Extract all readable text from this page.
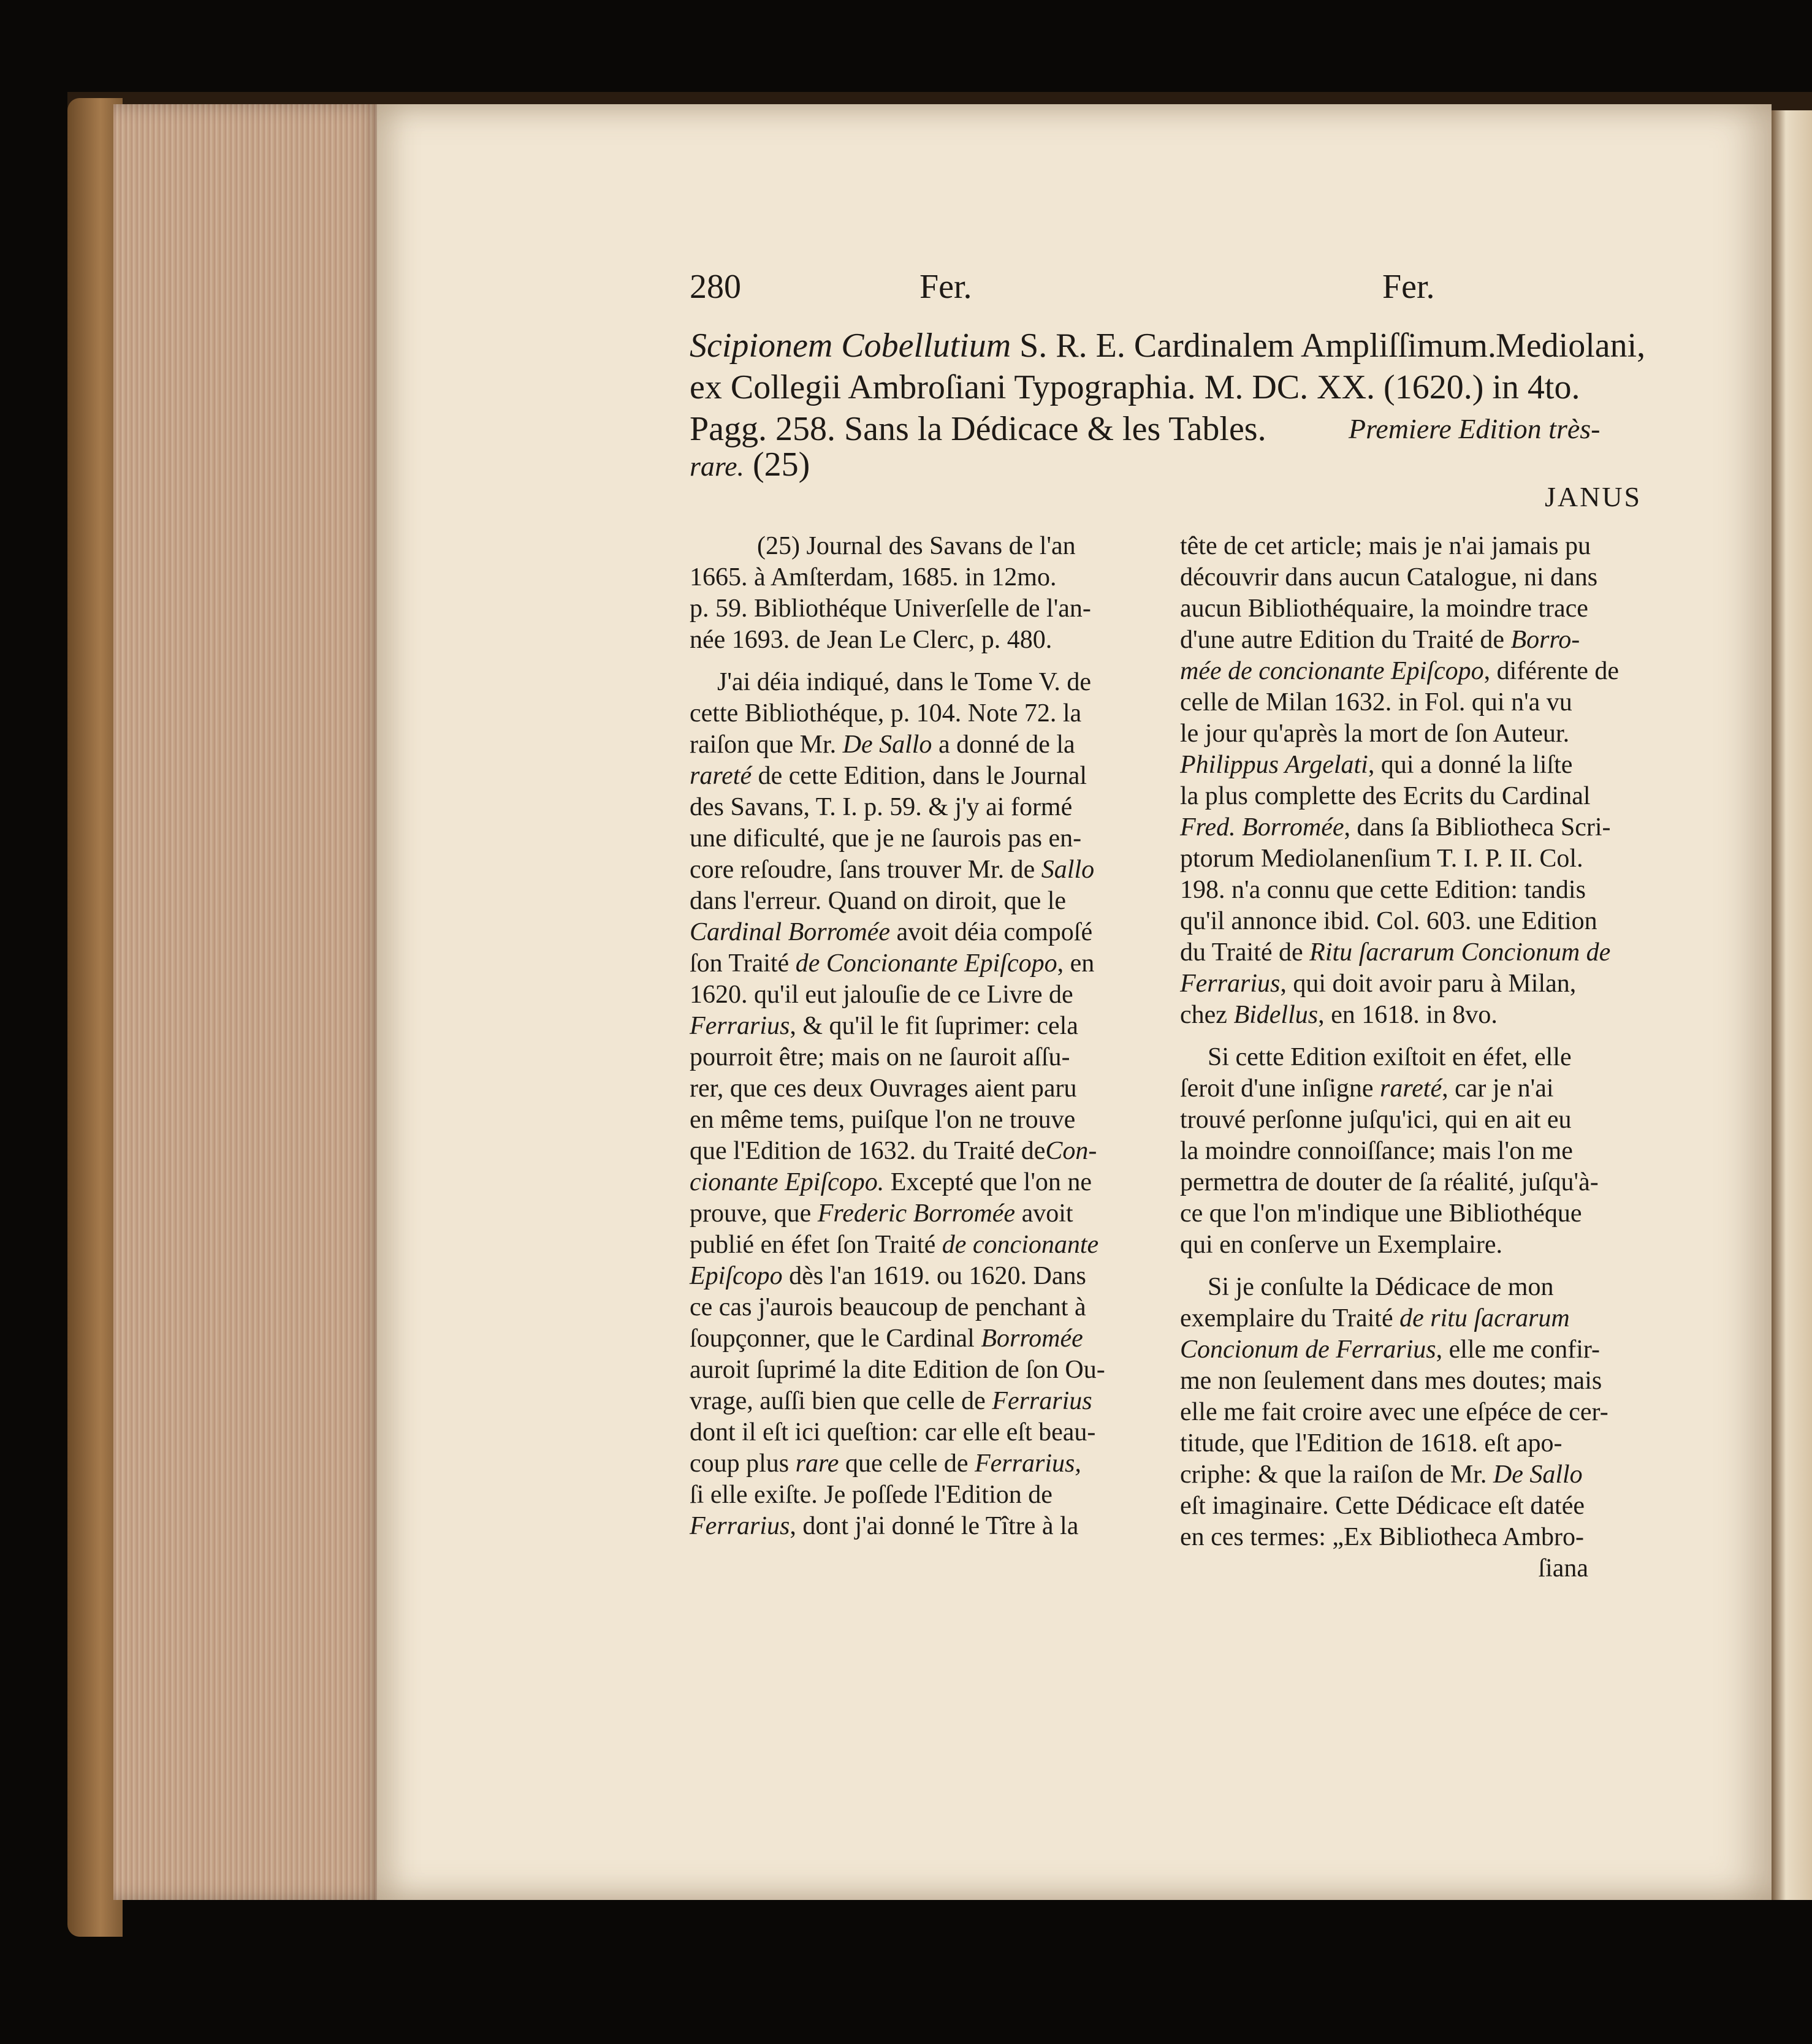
280	Fer.	Fer.
Scipionem Cobellutium S. R. E. Cardinalem Ampliſſimum. Mediolani,
ex Collegii Ambroſiani Typographia. M. DC. XX. (1620.) in 4to.
Pagg. 258. Sans la Dédicace & les Tables.	Premiere Edition très-
rare. (25)
JANUS
(25) Journal des Savans de l'an
1665. à Amſterdam, 1685. in 12mo.
p. 59. Bibliothéque Univerſelle de l'an-
née 1693. de Jean Le Clerc, p. 480.
J'ai déia indiqué, dans le Tome V. de
cette Bibliothéque, p. 104. Note 72. la
raiſon que Mr. De Sallo a donné de la
rareté de cette Edition, dans le Journal
des Savans, T. I. p. 59. & j'y ai formé
une dificulté, que je ne ſaurois pas en-
core reſoudre, ſans trouver Mr. de Sallo
dans l'erreur. Quand on diroit, que le
Cardinal Borromée avoit déia compoſé
ſon Traité de Concionante Epiſcopo, en
1620. qu'il eut jalouſie de ce Livre de
Ferrarius, & qu'il le fit ſuprimer: cela
pourroit être; mais on ne ſauroit aſſu-
rer, que ces deux Ouvrages aient paru
en même tems, puiſque l'on ne trouve
que l'Edition de 1632. du Traité deCon-
cionante Epiſcopo. Excepté que l'on ne
prouve, que Frederic Borromée avoit
publié en éfet ſon Traité de concionante
Epiſcopo dès l'an 1619. ou 1620. Dans
ce cas j'aurois beaucoup de penchant à
ſoupçonner, que le Cardinal Borromée
auroit ſuprimé la dite Edition de ſon Ou-
vrage, auſſi bien que celle de Ferrarius
dont il eſt ici queſtion: car elle eſt beau-
coup plus rare que celle de Ferrarius,
ſi elle exiſte. Je poſſede l'Edition de
Ferrarius, dont j'ai donné le Tître à la
tête de cet article; mais je n'ai jamais pu
découvrir dans aucun Catalogue, ni dans
aucun Bibliothéquaire, la moindre trace
d'une autre Edition du Traité de Borro-
mée de concionante Epiſcopo, diférente de
celle de Milan 1632. in Fol. qui n'a vu
le jour qu'après la mort de ſon Auteur.
Philippus Argelati, qui a donné la liſte
la plus complette des Ecrits du Cardinal
Fred. Borromée, dans ſa Bibliotheca Scri-
ptorum Mediolanenſium T. I. P. II. Col.
198. n'a connu que cette Edition: tandis
qu'il annonce ibid. Col. 603. une Edition
du Traité de Ritu ſacrarum Concionum de
Ferrarius, qui doit avoir paru à Milan,
chez Bidellus, en 1618. in 8vo.
Si cette Edition exiſtoit en éfet, elle
ſeroit d'une inſigne rareté, car je n'ai
trouvé perſonne juſqu'ici, qui en ait eu
la moindre connoiſſance; mais l'on me
permettra de douter de ſa réalité, juſqu'à-
ce que l'on m'indique une Bibliothéque
qui en conſerve un Exemplaire.
Si je conſulte la Dédicace de mon
exemplaire du Traité de ritu ſacrarum
Concionum de Ferrarius, elle me confir-
me non ſeulement dans mes doutes; mais
elle me fait croire avec une eſpéce de cer-
titude, que l'Edition de 1618. eſt apo-
criphe: & que la raiſon de Mr. De Sallo
eſt imaginaire. Cette Dédicace eſt datée
en ces termes: „Ex Bibliotheca Ambro-
ſiana
